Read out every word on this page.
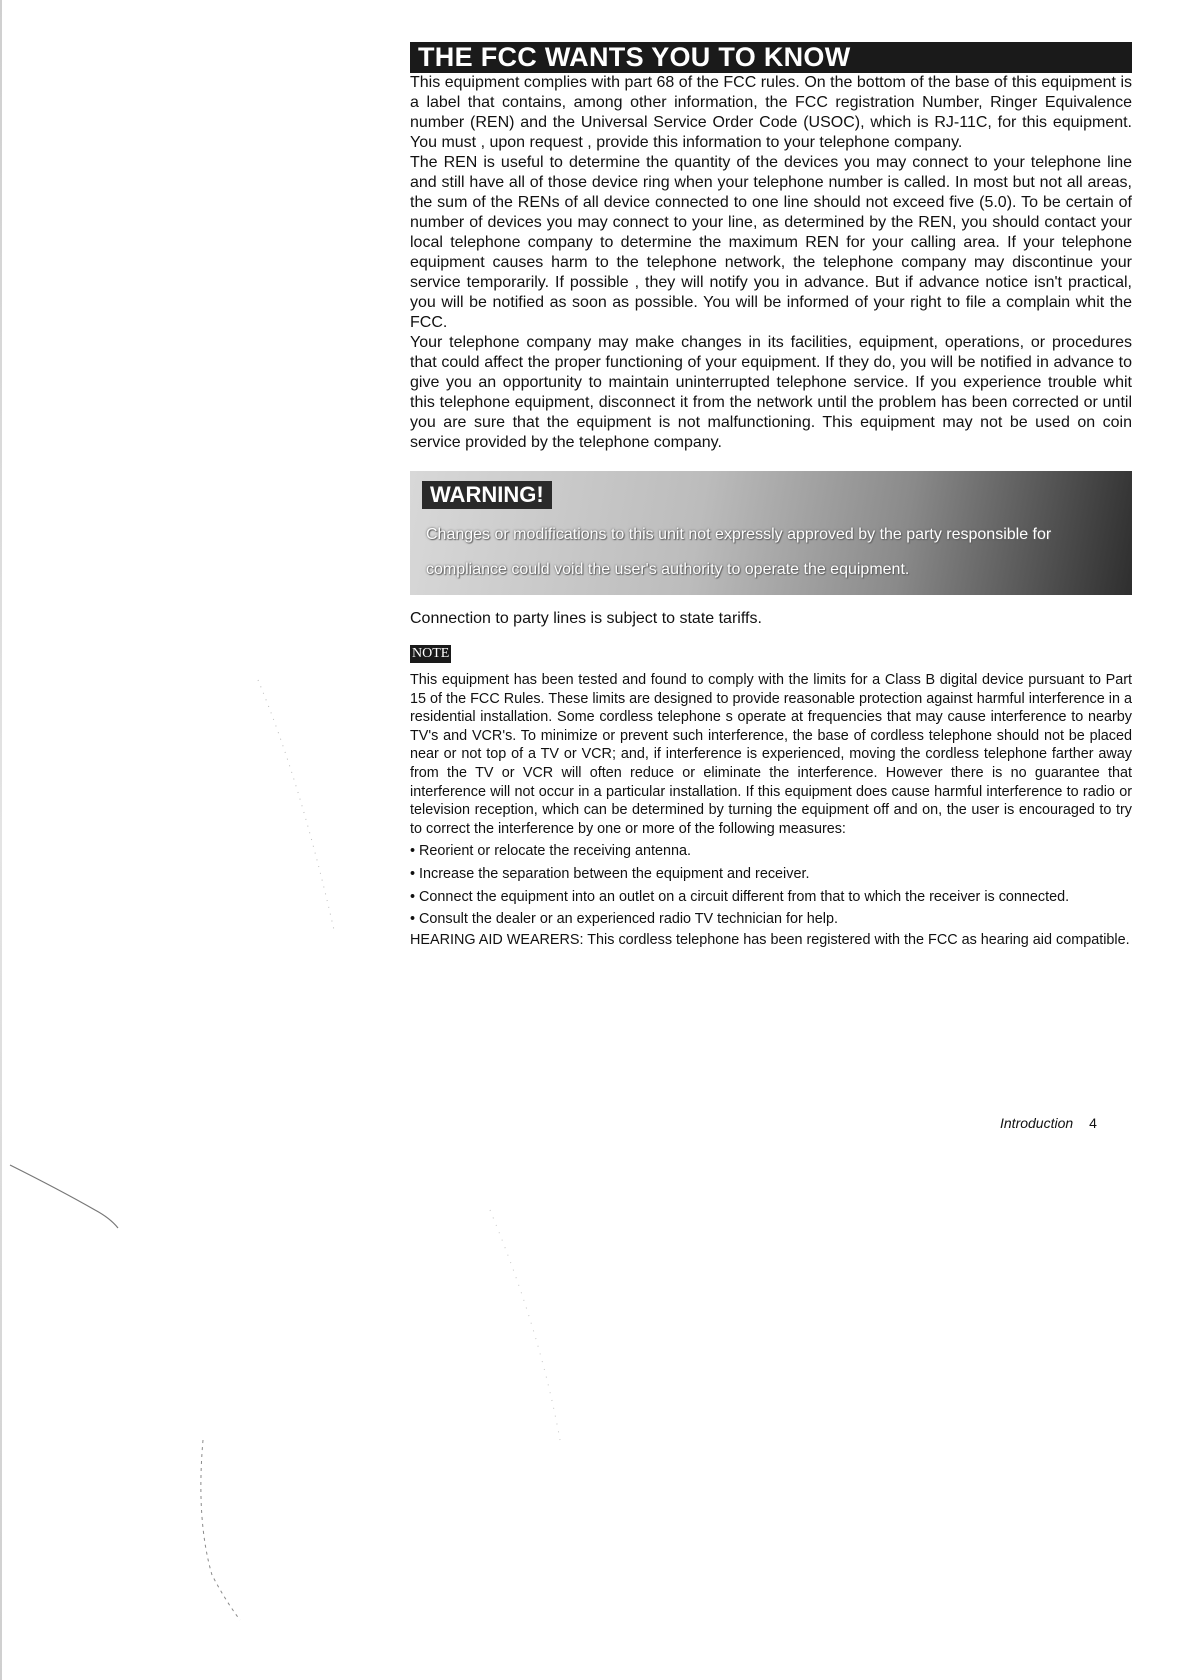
THE FCC WANTS YOU TO KNOW

This equipment complies with part 68 of the FCC rules. On the bottom of the base of this equipment is a label that contains, among other information, the FCC registration Number, Ringer Equivalence number (REN) and the Universal Service Order Code (USOC), which is RJ-11C, for this equipment. You must , upon request , provide this information to your telephone company.

The REN is useful to determine the quantity of the devices you may connect to your telephone line and still have all of those device ring when your telephone number is called. In most but not all areas, the sum of the RENs of all device connected to one line should not exceed five (5.0). To be certain of number of devices you may connect to your line, as determined by the REN, you should contact your local telephone company to determine the maximum REN for your calling area. If your telephone equipment causes harm to the telephone network, the telephone company may discontinue your service temporarily. If possible , they will notify you in advance. But if advance notice isn't practical, you will be notified as soon as possible. You will be informed of your right to file a complain whit the FCC.

Your telephone company may make changes in its facilities, equipment, operations, or procedures that could affect the proper functioning of your equipment. If they do, you will be notified in advance to give you an opportunity to maintain uninterrupted telephone service. If you experience trouble whit this telephone equipment, disconnect it from the network until the problem has been corrected or until you are sure that the equipment is not malfunctioning. This equipment may not be used on coin service provided by the telephone company.

WARNING!
Changes or modifications to this unit not expressly approved by the party responsible for compliance could void the user's authority to operate the equipment.

Connection to party lines is subject to state tariffs.

NOTE

This equipment has been tested and found to comply with the limits for a Class B digital device pursuant to Part 15 of the FCC Rules. These limits are designed to provide reasonable protection against harmful interference in a residential installation. Some cordless telephone s operate at frequencies that may cause interference to nearby TV's and VCR's. To minimize or prevent such interference, the base of cordless telephone should not be placed near or not top of a TV or VCR; and, if interference is experienced, moving the cordless telephone farther away from the TV or VCR will often reduce or eliminate the interference. However there is no guarantee that interference will not occur in a particular installation. If this equipment does cause harmful interference to radio or television reception, which can be determined by turning the equipment off and on, the user is encouraged to try to correct the interference by one or more of the following measures:

• Reorient or relocate the receiving antenna.

• Increase the separation between the equipment and receiver.

• Connect the equipment into an outlet on a circuit different from that to which the receiver is connected.

• Consult the dealer or an experienced radio TV technician for help.

HEARING AID WEARERS: This cordless telephone has been registered with the FCC as hearing aid compatible.

Introduction 4
